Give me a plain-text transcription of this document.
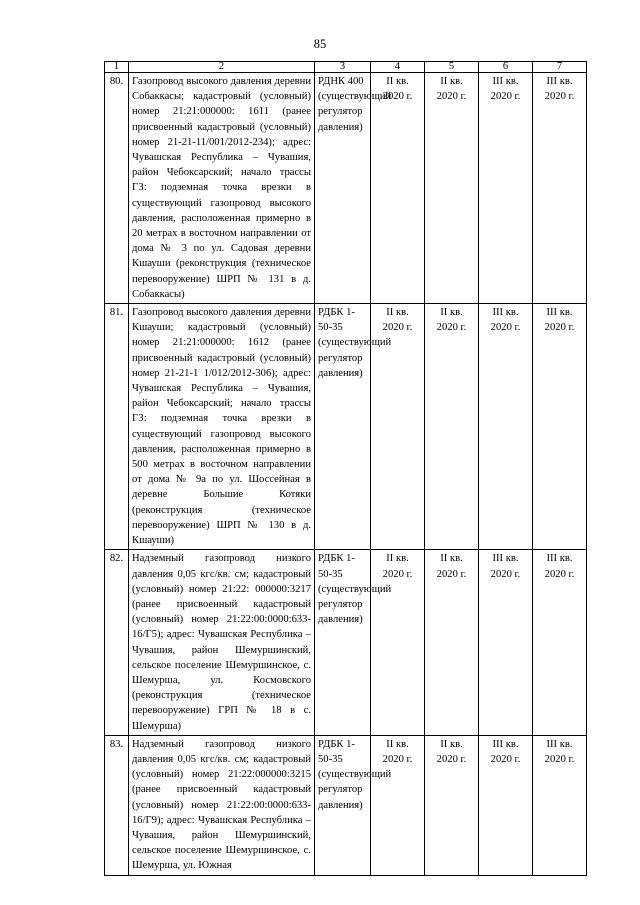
85
1	2	3	4	5	6	7
80.	Газопровод высокого давления деревни Собаккасы; кадастровый (условный) номер 21:21:000000: 1611 (ранее присвоенный кадастровый (условный) номер 21-21-11/001/2012-234); адрес: Чувашская Республика – Чувашия, район Чебоксарский; начало трассы ГЗ: подземная точка врезки в существующий газопровод высокого давления, расположенная примерно в 20 метрах в восточном направлении от дома № 3 по ул. Садовая деревни Кшауши (реконструкция (техническое перевооружение) ШРП № 131 в д. Собаккасы)	РДНК 400 (существующий регулятор давления)	II кв.
2020 г.	II кв.
2020 г.	III кв.
2020 г.	III кв.
2020 г.

81.	Газопровод высокого давления деревни Кшауши; кадастровый (условный) номер 21:21:000000: 1612 (ранее присвоенный кадастровый (условный) номер 21-21-1 1/012/2012-306); адрес: Чувашская Республика – Чувашия, район Чебоксарский; начало трассы ГЗ: подземная точка врезки в существующий газопровод высокого давления, расположенная примерно в 500 метрах в восточном направлении от дома № 9а по ул. Шоссейная в деревне Большие Котяки (реконструкция (техническое перевооружение) ШРП № 130 в д. Кшауши)	РДБК 1-50-35 (существующий регулятор давления)	II кв.
2020 г.	II кв.
2020 г.	III кв.
2020 г.	III кв.
2020 г.

82.	Надземный газопровод низкого давления 0,05 кгс/кв. см; кадастровый (условный) номер 21:22: 000000:3217 (ранее присвоенный кадастровый (условный) номер 21:22:00:0000:633-16/Г5); адрес: Чувашская Республика – Чувашия, район Шемуршинский, сельское поселение Шемуршинское, с. Шемурша, ул. Космовского (реконструкция (техническое перевооружение) ГРП № 18 в с. Шемурша)	РДБК 1-50-35 (существующий регулятор давления)	II кв.
2020 г.	II кв.
2020 г.	III кв.
2020 г.	III кв.
2020 г.

83.	Надземный газопровод низкого давления 0,05 кгс/кв. см; кадастровый (условный) номер 21:22:000000:3215 (ранее присвоенный кадастровый (условный) номер 21:22:00:0000:633-16/Г9); адрес: Чувашская Республика – Чувашия, район Шемуршинский, сельское поселение Шемуршинское, с. Шемурша, ул. Южная	РДБК 1-50-35 (существующий регулятор давления)	II кв.
2020 г.	II кв.
2020 г.	III кв.
2020 г.	III кв.
2020 г.
